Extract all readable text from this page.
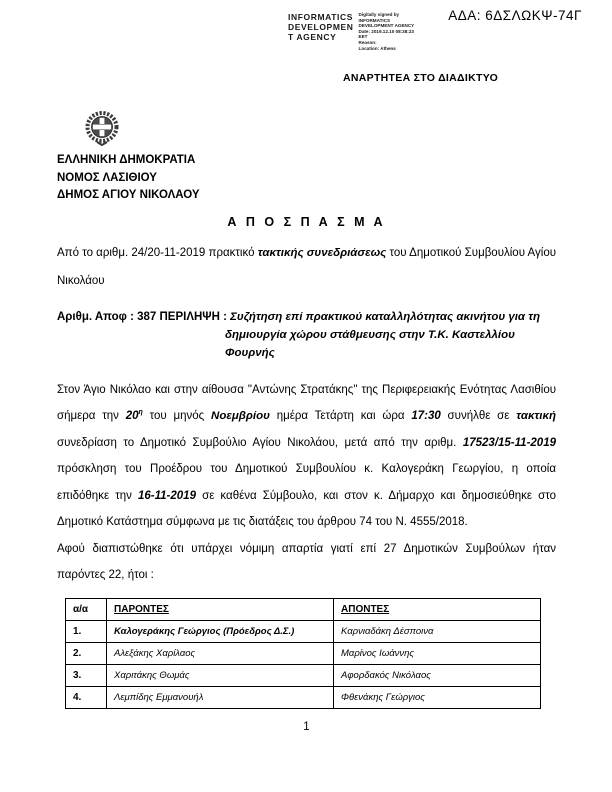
ΑΔΑ: 6ΔΣΛΩΚΨ-74Γ
INFORMATICS
DEVELOPMEN
T AGENCY
Digitally signed by
INFORMATICS
DEVELOPMENT AGENCY
Date: 2019.12.10 08:38:23
EET
Reason:
Location: Athens
ΑΝΑΡΤΗΤΕΑ ΣΤΟ ΔΙΑΔΙΚΤΥΟ
ΕΛΛΗΝΙΚΗ ΔΗΜΟΚΡΑΤΙΑ
ΝΟΜΟΣ ΛΑΣΙΘΙΟΥ
ΔΗΜΟΣ ΑΓΙΟΥ ΝΙΚΟΛΑΟΥ
Α Π Ο Σ Π Α Σ Μ Α

Από το αριθμ. 24/20-11-2019 πρακτικό τακτικής συνεδριάσεως του Δημοτικού Συμβουλίου Αγίου Νικολάου

Αριθμ. Αποφ : 387 ΠΕΡΙΛΗΨΗ : Συζήτηση επί πρακτικού καταλληλότητας ακινήτου για τη δημιουργία χώρου στάθμευσης στην Τ.Κ. Καστελλίου Φουρνής

Στον Άγιο Νικόλαο και στην αίθουσα "Αντώνης Στρατάκης" της Περιφερειακής Ενότητας Λασιθίου σήμερα την $20^\eta$ του μηνός Νοεμβρίου ημέρα Τετάρτη και ώρα 17:30 συνήλθε σε τακτική συνεδρίαση το Δημοτικό Συμβούλιο Αγίου Νικολάου, μετά από την αριθμ. 17523/15-11-2019 πρόσκληση του Προέδρου του Δημοτικού Συμβουλίου κ. Καλογεράκη Γεωργίου, η οποία επιδόθηκε την 16-11-2019 σε καθένα Σύμβουλο, και στον κ. Δήμαρχο και δημοσιεύθηκε στο Δημοτικό Κατάστημα σύμφωνα με τις διατάξεις του άρθρου 74 του Ν. 4555/2018.

Αφού διαπιστώθηκε ότι υπάρχει νόμιμη απαρτία γιατί επί 27 Δημοτικών Συμβούλων ήταν παρόντες 22, ήτοι :

α/α	ΠΑΡΟΝΤΕΣ	ΑΠΟΝΤΕΣ
1.	Καλογεράκης Γεώργιος (Πρόεδρος Δ.Σ.)	Καρνιαδάκη Δέσποινα
2.	Αλεξάκης Χαρίλαος	Μαρίνος Ιωάννης
3.	Χαριτάκης Θωμάς	Αφορδακός Νικόλαος
4.	Λεμπίδης Εμμανουήλ	Φθενάκης Γεώργιος
1
